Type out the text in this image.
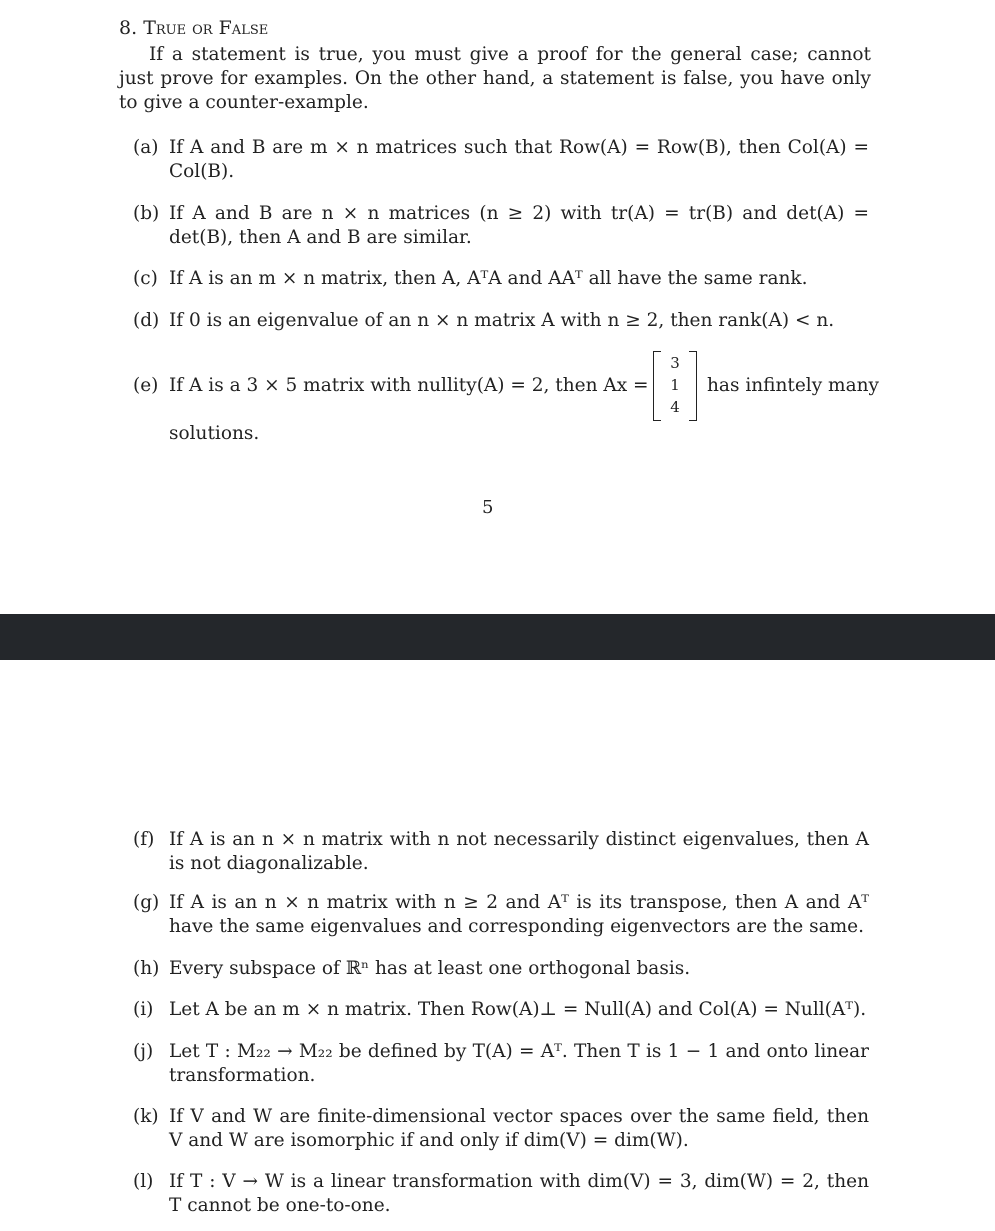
8. True or False
If a statement is true, you must give a proof for the general case; cannot just prove for examples. On the other hand, a statement is false, you have only to give a counter-example.
(a) If A and B are m × n matrices such that Row(A) = Row(B), then Col(A) = Col(B).

(b) If A and B are n × n matrices (n ≥ 2) with tr(A) = tr(B) and det(A) = det(B), then A and B are similar.

(c) If A is an m × n matrix, then A, AᵀA and AAᵀ all have the same rank.

(d) If 0 is an eigenvalue of an n × n matrix A with n ≥ 2, then rank(A) < n.

(e) If A is a 3 × 5 matrix with nullity(A) = 2, then Ax =
3
1
4
has infintely many

solutions.

5
(f) If A is an n × n matrix with n not necessarily distinct eigenvalues, then A is not diagonalizable.

(g) If A is an n × n matrix with n ≥ 2 and Aᵀ is its transpose, then A and Aᵀ have the same eigenvalues and corresponding eigenvectors are the same.

(h) Every subspace of ℝⁿ has at least one orthogonal basis.

(i) Let A be an m × n matrix. Then Row(A)⊥ = Null(A) and Col(A) = Null(Aᵀ).

(j) Let T : M₂₂ → M₂₂ be defined by T(A) = Aᵀ. Then T is 1 − 1 and onto linear transformation.

(k) If V and W are finite-dimensional vector spaces over the same field, then V and W are isomorphic if and only if dim(V) = dim(W).

(l) If T : V → W is a linear transformation with dim(V) = 3, dim(W) = 2, then T cannot be one-to-one.
